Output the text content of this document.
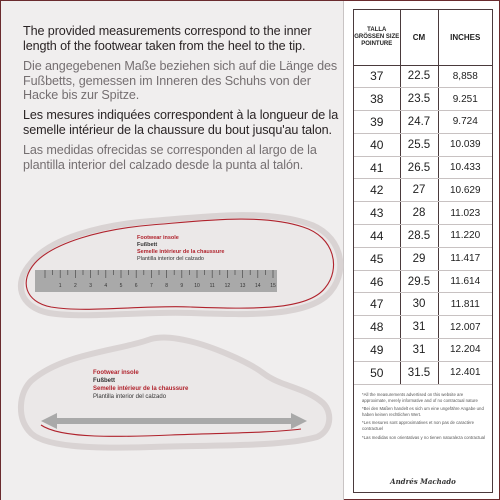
The provided measurements correspond to the inner length of the footwear taken from the heel to the tip.
Die angegebenen Maße beziehen sich auf die Länge des Fußbetts, gemessen im Inneren des Schuhs von der Hacke bis zur Spitze.
Les mesures indiquées correspondent à la longueur de la semelle intérieur de la chaussure du bout jusqu'au talon.
Las medidas ofrecidas se corresponden al largo de la plantilla interior del calzado desde la punta al talón.
1 2 3 4 5 6 7 8 9 10 11 12 13 14 15
Footwear insole
Fußbett
Semelle intérieur de la chaussure
Plantilla interior del calzado
Footwear insole
Fußbett
Semelle intérieur de la chaussure
Plantilla interior del calzado
TALLA GRÖSSEN SIZE POINTURE	CM	INCHES
37	22.5	8,858
38	23.5	9.251
39	24.7	9.724
40	25.5	10.039
41	26.5	10.433
42	27	10.629
43	28	11.023
44	28.5	11.220
45	29	11.417
46	29.5	11.614
47	30	11.811
48	31	12.007
49	31	12.204
50	31.5	12.401

*All the measurements advertised on this website are approximate, merely informative and of no contractual nature

*Bei den Maßen handelt es sich um eine ungefähre Angabe und haben keinen rechtlichen Wert.

*Les mesures sont approximatives et non pas de caractère contractuel

*Las medidas son orientativas y no tienen naturaleza contractual

Andrés Machado
